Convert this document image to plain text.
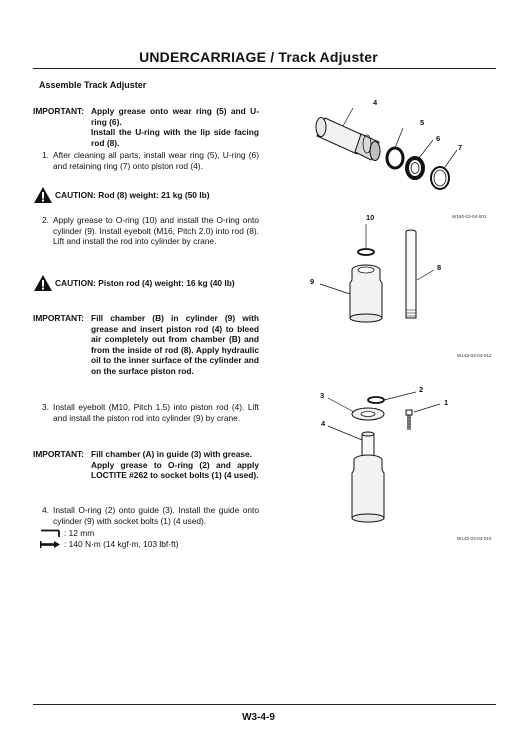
UNDERCARRIAGE / Track Adjuster
Assemble Track Adjuster
IMPORTANT: Apply grease onto wear ring (5) and U-ring (6).

Install the U-ring with the lip side facing rod (8).

1. After cleaning all parts, install wear ring (5), U-ring (6) and retaining ring (7) onto piston rod (4).
CAUTION: Rod (8) weight: 21 kg (50 lb)
2. Apply grease to O-ring (10) and install the O-ring onto cylinder (9). Install eyebolt (M16, Pitch 2.0) into rod (8). Lift and install the rod into cylinder by crane.
CAUTION: Piston rod (4) weight: 16 kg (40 lb)
IMPORTANT: Fill chamber (B) in cylinder (9) with grease and insert piston rod (4) to bleed air completely out from chamber (B) and from the inside of rod (8). Apply hydraulic oil to the inner surface of the cylinder and on the surface piston rod.

3. Install eyebolt (M10, Pitch 1.5) into piston rod (4). Lift and install the piston rod into cylinder (9) by crane.
IMPORTANT: Fill chamber (A) in guide (3) with grease.

Apply grease to O-ring (2) and apply LOCTITE #262 to socket bolts (1) (4 used).

4. Install O-ring (2) onto guide (3). Install the guide onto cylinder (9) with socket bolts (1) (4 used).
: 12 mm
: 140 N·m (14 kgf·m, 103 lbf·ft)
4
5
6
7
W160-03-04-001
10
9
8
W142-03-04-012
3
2
1
4
W142-03-04-010
W3-4-9
